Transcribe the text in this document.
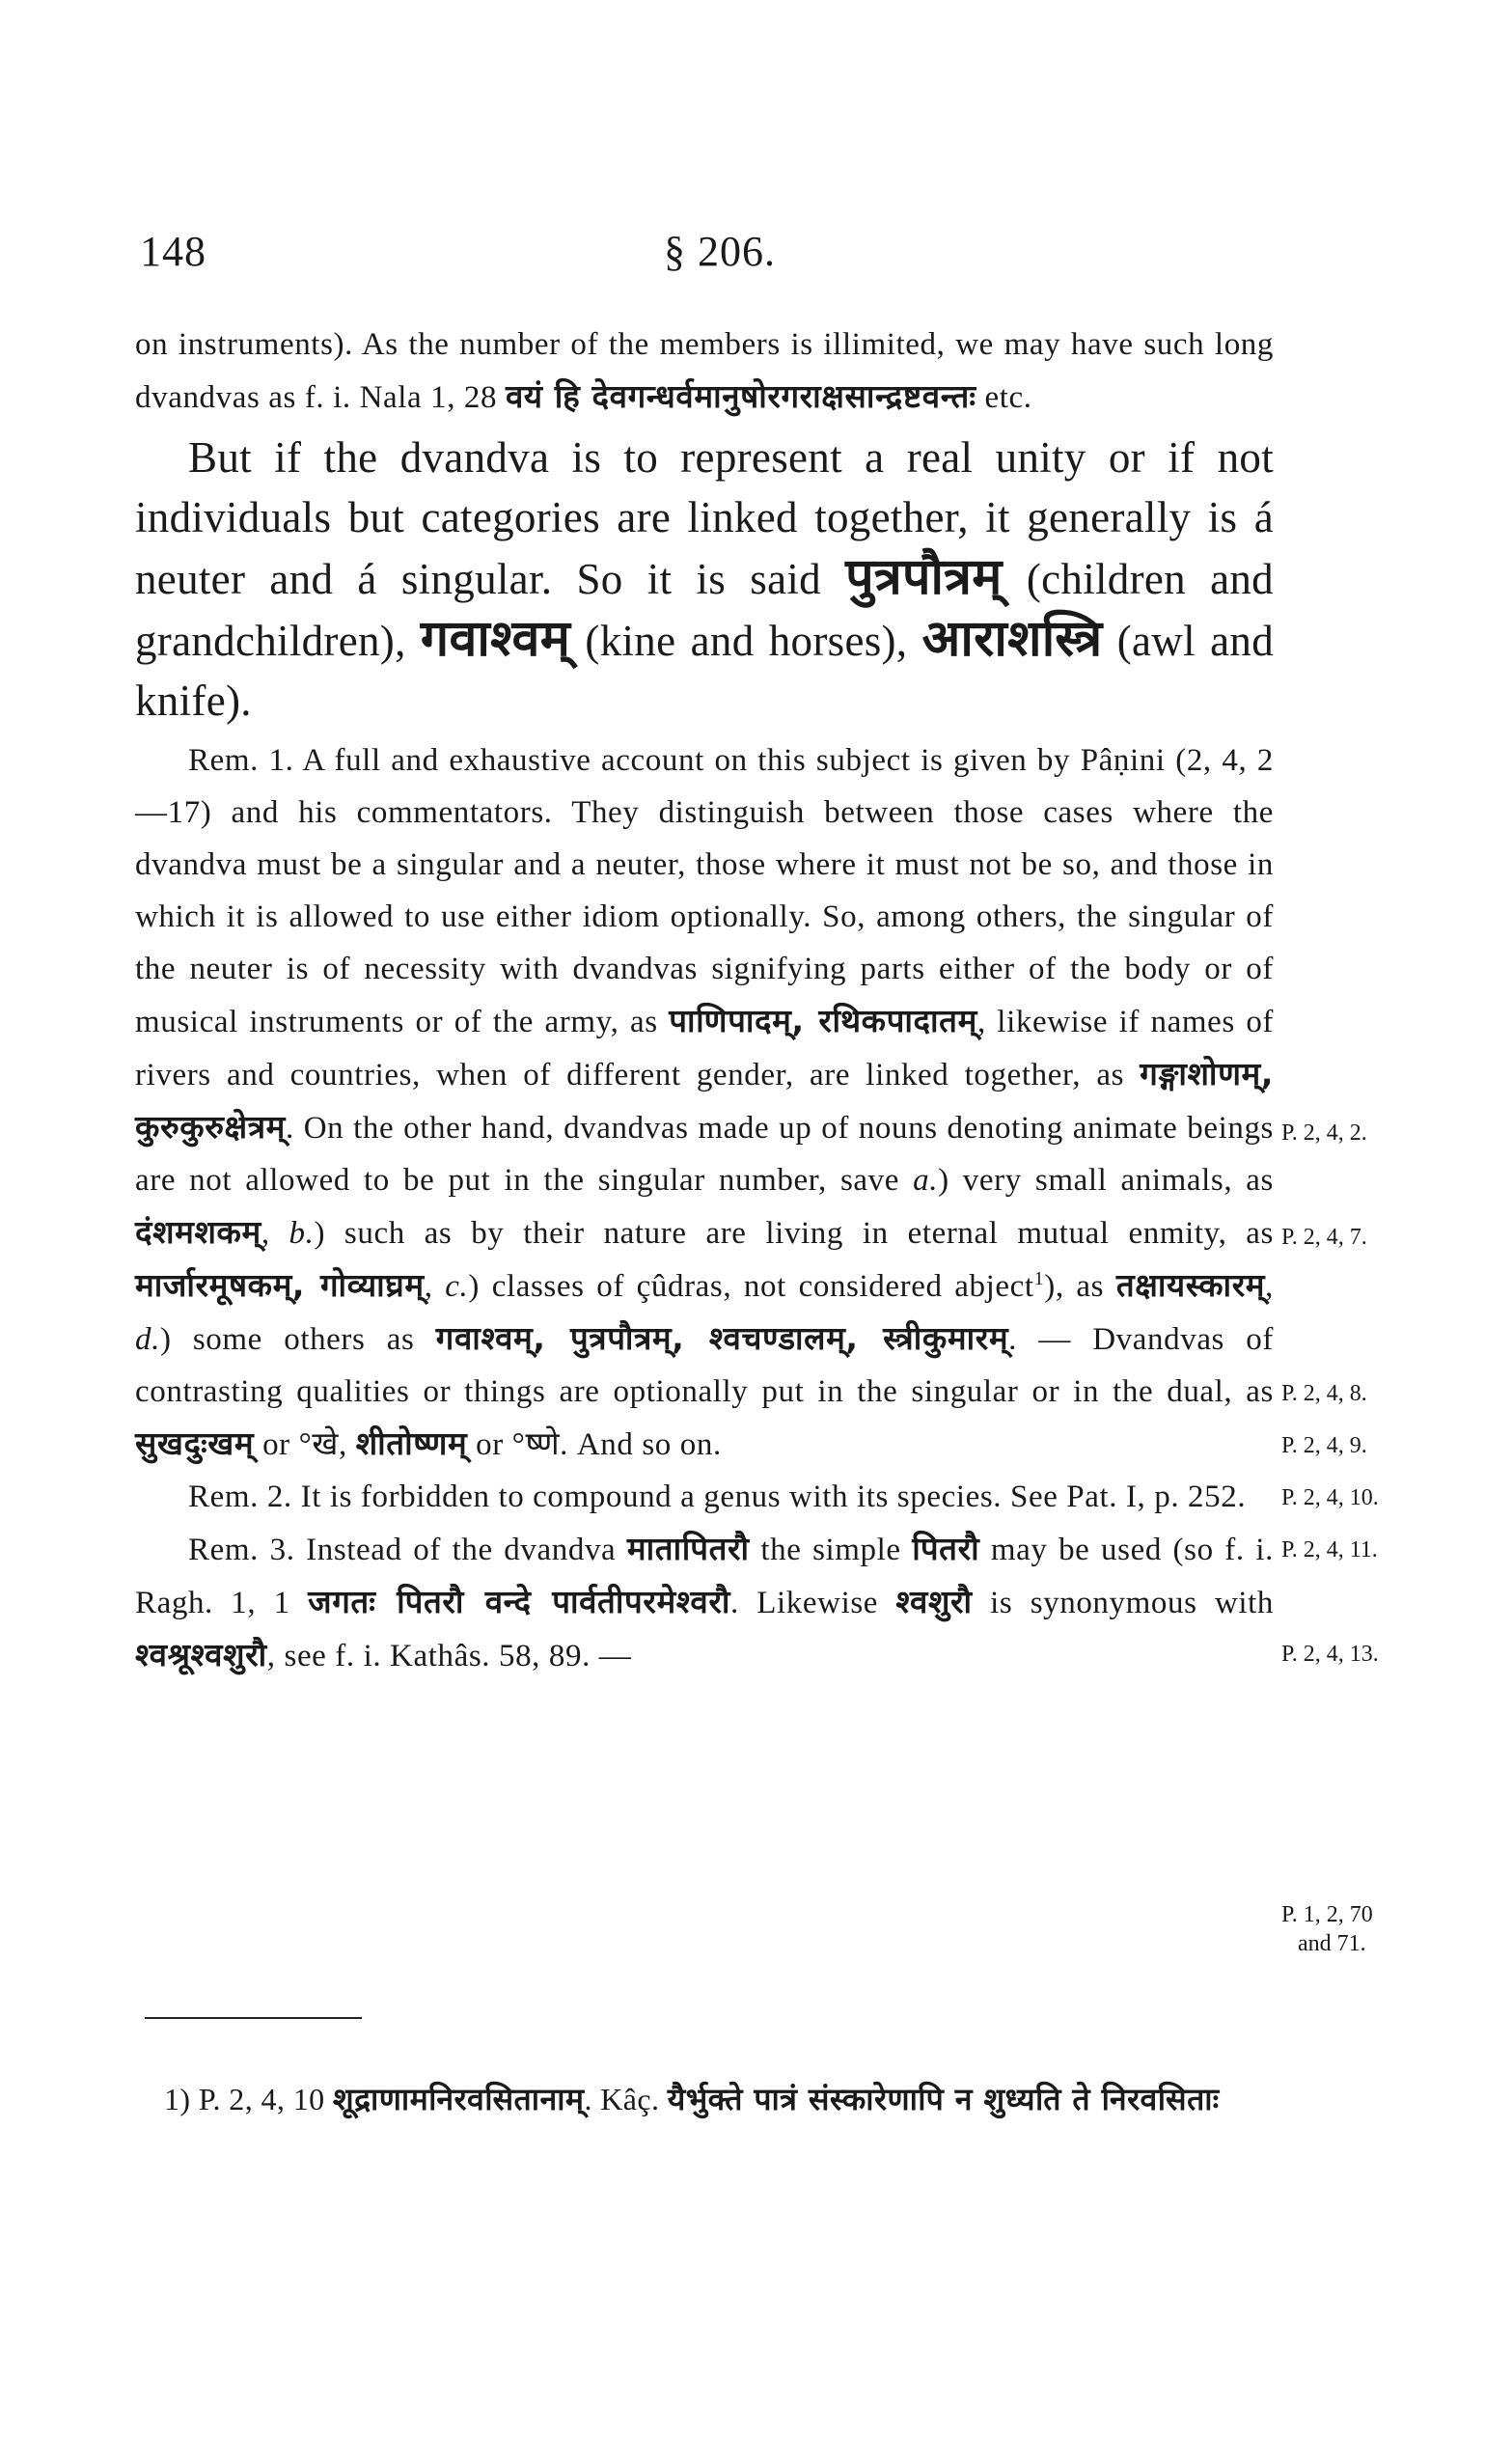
148	§ 206.

on instruments). As the number of the members is illimited, we may have such long dvandvas as f. i. Nala 1, 28 वयं हि देवगन्धर्वमानुषोरगराक्षसान्द्रष्टवन्तः etc.

But if the dvandva is to represent a real unity or if not individuals but categories are linked together, it generally is á neuter and á singular. So it is said पुत्रपौत्रम् (children and grandchildren), गवाश्वम् (kine and horses), आराशस्त्रि (awl and knife).

Rem. 1. A full and exhaustive account on this subject is given by Pâṇini (2, 4, 2—17) and his commentators. They distinguish between those cases where the dvandva must be a singular and a neuter, those where it must not be so, and those in which it is allowed to use either idiom optionally. So, among others, the singular of the neuter is of necessity with dvandvas signifying parts either of the body or of musical instruments or of the army, as पाणिपादम्, रथिकपादातम्, likewise if names of rivers and countries, when of different gender, are linked together, as गङ्गाशोणम्, कुरुकुरुक्षेत्रम्. On the other hand, dvandvas made up of nouns denoting animate beings are not allowed to be put in the singular number, save a.) very small animals, as दंशमशकम्, b.) such as by their nature are living in eternal mutual enmity, as मार्जारमूषकम्, गोव्याघ्रम्, c.) classes of çûdras, not considered abject$^1$), as तक्षायस्कारम्, d.) some others as गवाश्वम्, पुत्रपौत्रम्, श्वचण्डालम्, स्त्रीकुमारम्. — Dvandvas of contrasting qualities or things are optionally put in the singular or in the dual, as सुखदुःखम् or °खे, शीतोष्णम् or °ष्णे. And so on.

Rem. 2. It is forbidden to compound a genus with its species. See Pat. I, p. 252.

Rem. 3. Instead of the dvandva मातापितरौ the simple पितरौ may be used (so f. i. Ragh. 1, 1 जगतः पितरौ वन्दे पार्वतीपरमेश्वरौ. Likewise श्वशुरौ is synonymous with श्वश्रूश्वशुरौ, see f. i. Kathâs. 58, 89. —

P. 2, 4, 2.
P. 2, 4, 7.
P. 2, 4, 8.
P. 2, 4, 9.
P. 2, 4, 10.
P. 2, 4, 11.
P. 2, 4, 13.
P. 1, 2, 70
and 71.
1) P. 2, 4, 10 शूद्राणामनिरवसितानाम्. Kâç. यैर्भुक्ते पात्रं संस्कारेणापि न शुध्यति ते निरवसिताः
